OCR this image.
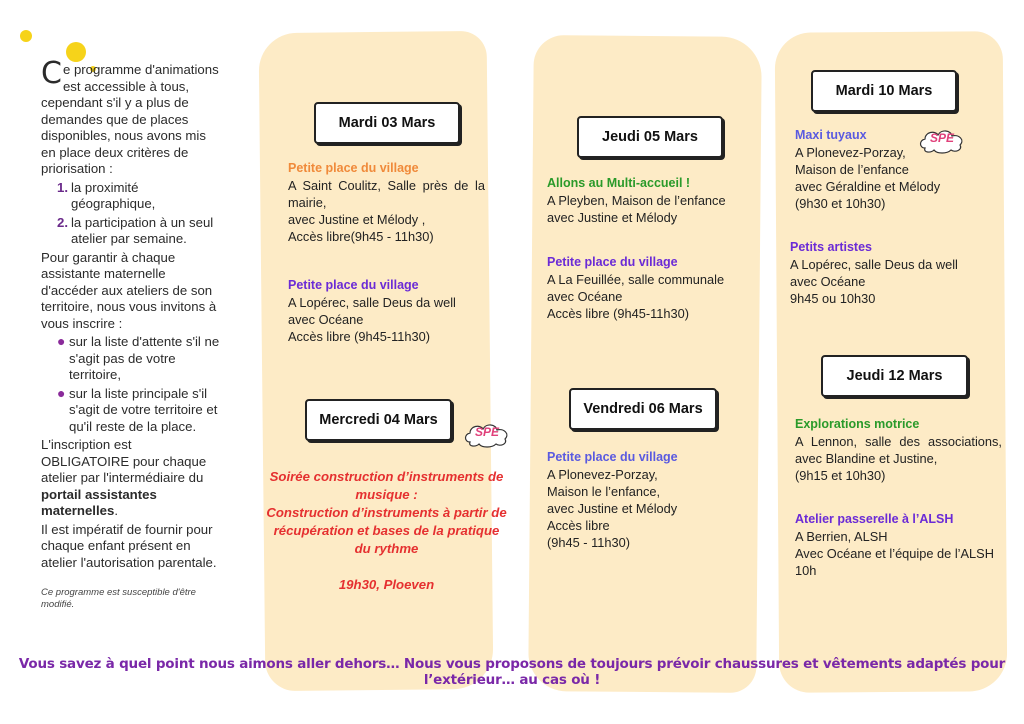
Ce programme d'animations est accessible à tous, cependant s'il y a plus de demandes que de places disponibles, nous avons mis en place deux critères de priorisation :

1. la proximité géographique,
2. la participation à un seul atelier par semaine.

Pour garantir à chaque assistante maternelle d'accéder aux ateliers de son territoire, nous vous invitons à vous inscrire :

● sur la liste d'attente s'il ne s'agit pas de votre territoire,
● sur la liste principale s'il s'agit de votre territoire et qu'il reste de la place.

L'inscription est OBLIGATOIRE pour chaque atelier par l'intermédiaire du portail assistantes maternelles.

Il est impératif de fournir pour chaque enfant présent en atelier l'autorisation parentale.

Ce programme est susceptible d'être modifié.
Mardi 03 Mars
Petite place du village
A Saint Coulitz, Salle près de la mairie,
avec Justine et Mélody ,
Accès libre(9h45 - 11h30)
Petite place du village
A Lopérec, salle Deus da well
avec Océane
Accès libre (9h45-11h30)
Mercredi 04 Mars
SPE
Soirée construction d’instruments de musique :
Construction d’instruments à partir de récupération et bases de la pratique du rythme
19h30, Ploeven
Jeudi 05 Mars
Allons au Multi-accueil !
A Pleyben, Maison de l’enfance
avec Justine et Mélody
Petite place du village
A La Feuillée, salle communale
avec Océane
Accès libre (9h45-11h30)
Vendredi 06 Mars
Petite place du village
A Plonevez-Porzay,
Maison le l’enfance,
avec Justine et Mélody
Accès libre
(9h45 - 11h30)
Mardi 10 Mars
SPE
Maxi tuyaux
A Plonevez-Porzay,
Maison de l’enfance
avec Géraldine et Mélody
(9h30 et 10h30)
Petits artistes
A Lopérec, salle Deus da well
avec Océane
9h45 ou 10h30
Jeudi 12 Mars
Explorations motrice
A Lennon, salle des associations, avec Blandine et Justine,
(9h15 et 10h30)
Atelier passerelle à l’ALSH
A Berrien, ALSH
Avec Océane et l’équipe de l’ALSH
10h
Vous savez à quel point nous aimons aller dehors… Nous vous proposons de toujours prévoir chaussures et vêtements adaptés pour l’extérieur… au cas où !
